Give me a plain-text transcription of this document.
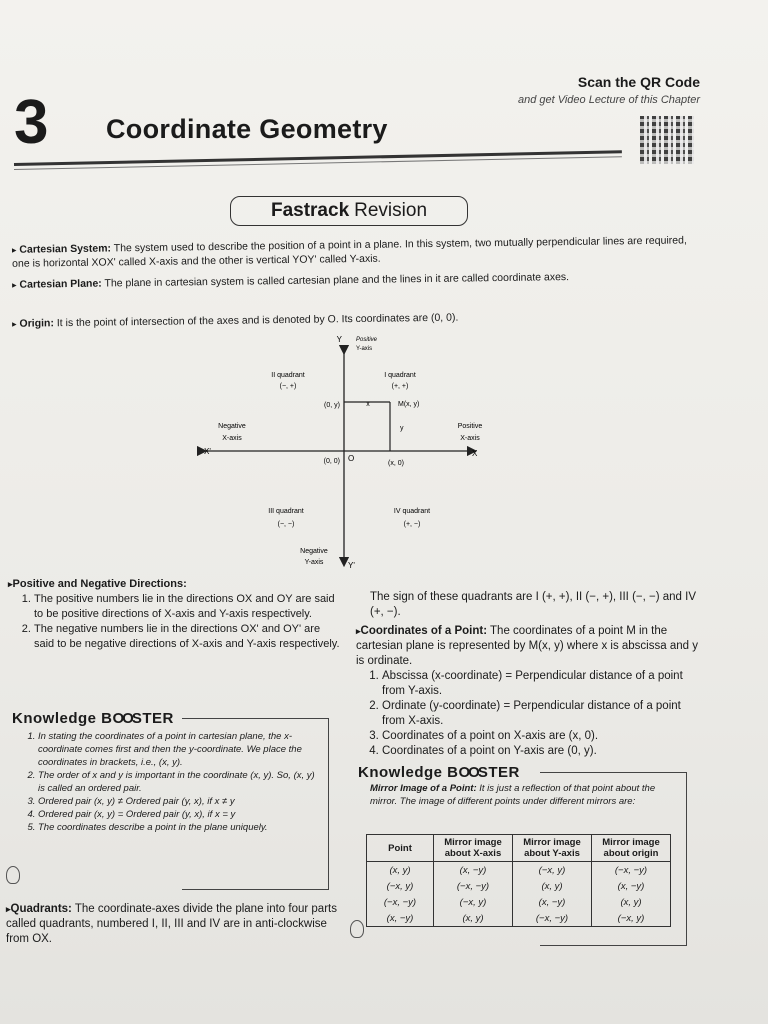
3 Coordinate Geometry
Scan the QR Code
and get Video Lecture of this Chapter
Fastrack Revision
▸ Cartesian System: The system used to describe the position of a point in a plane. In this system, two mutually perpendicular lines are required, one is horizontal XOX' called X-axis and the other is vertical YOY' called Y-axis.
▸ Cartesian Plane: The plane in cartesian system is called cartesian plane and the lines in it are called coordinate axes.
▸ Origin: It is the point of intersection of the axes and is denoted by O. Its coordinates are (0, 0).
Y Positive
Y-axis
II quadrant
(−, +)
I quadrant
(+, +)
(0, y)	x	M(x, y)
Negative
X-axis
Positive
X-axis
y
X'	X
(0, 0) O
(x, 0)
III quadrant
(−, −)
IV quadrant
(+, −)
Negative
Y-axis	Y'
▸ Positive and Negative Directions:
1. The positive numbers lie in the directions OX and OY are said to be positive directions of X-axis and Y-axis respectively.
2. The negative numbers lie in the directions OX' and OY' are said to be negative directions of X-axis and Y-axis respectively.
Knowledge BOOSTER
1. In stating the coordinates of a point in cartesian plane, the x-coordinate comes first and then the y-coordinate. We place the coordinates in brackets, i.e., (x, y).
2. The order of x and y is important in the coordinate (x, y). So, (x, y) is called an ordered pair.
3. Ordered pair (x, y) ≠ Ordered pair (y, x), if x ≠ y
4. Ordered pair (x, y) = Ordered pair (y, x), if x = y
5. The coordinates describe a point in the plane uniquely.
▸ Quadrants: The coordinate-axes divide the plane into four parts called quadrants, numbered I, II, III and IV are in anti-clockwise from OX.
The sign of these quadrants are I (+, +), II (−, +), III (−, −) and IV (+, −).
▸ Coordinates of a Point: The coordinates of a point M in the cartesian plane is represented by M(x, y) where x is abscissa and y is ordinate.
1. Abscissa (x-coordinate) = Perpendicular distance of a point from Y-axis.
2. Ordinate (y-coordinate) = Perpendicular distance of a point from X-axis.
3. Coordinates of a point on X-axis are (x, 0).
4. Coordinates of a point on Y-axis are (0, y).
Knowledge BOOSTER
Mirror Image of a Point: It is just a reflection of that point about the mirror. The image of different points under different mirrors are:
Point	Mirror image about X-axis	Mirror image about Y-axis	Mirror image about origin
(x, y)	(x, −y)	(−x, y)	(−x, −y)
(−x, y)	(−x, −y)	(x, y)	(x, −y)
(−x, −y)	(−x, y)	(x, −y)	(x, y)
(x, −y)	(x, y)	(−x, −y)	(−x, y)
